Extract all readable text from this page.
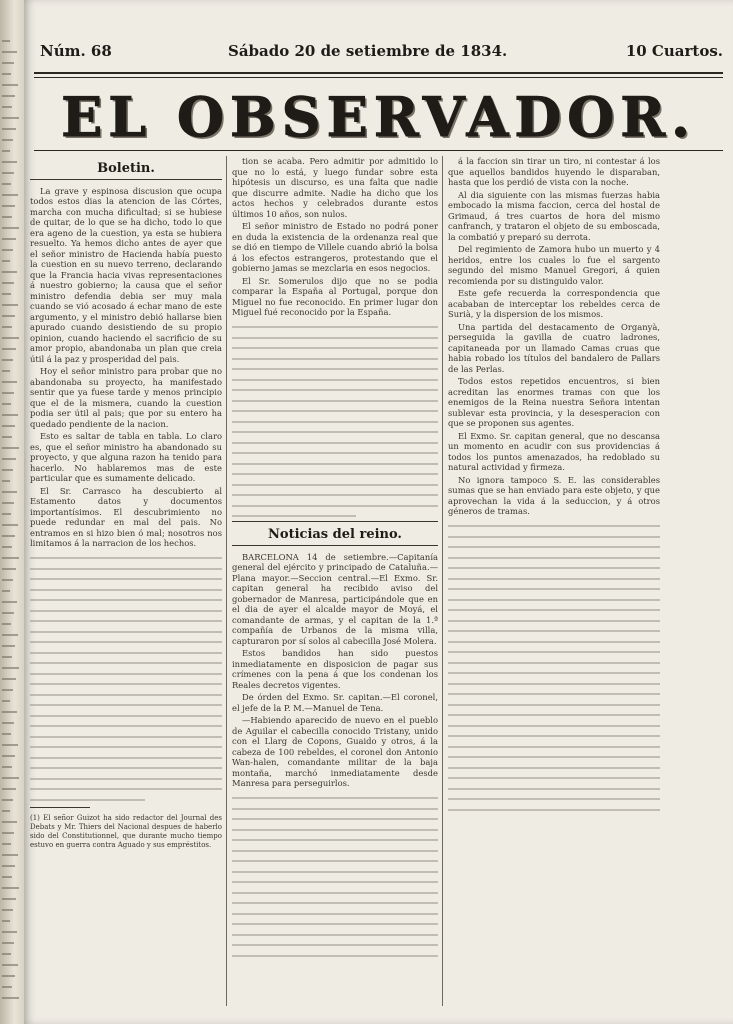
Núm. 68	Sábado 20 de setiembre de 1834.	10 Cuartos.
EL OBSERVADOR.
Boletin.

La grave y espinosa discusion que ocupa todos estos dias la atencion de las Córtes, marcha con mucha dificultad; si se hubiese de quitar, de lo que se ha dicho, todo lo que era ageno de la cuestion, ya esta se hubiera resuelto. Ya hemos dicho antes de ayer que el señor ministro de Hacienda había puesto la cuestion en su nuevo terreno, declarando que la Francia hacia vivas representaciones á nuestro gobierno; la causa que el señor ministro defendia debia ser muy mala cuando se vió acosado á echar mano de este argumento, y el ministro debió hallarse bien apurado cuando desistiendo de su propio opinion, cuando haciendo el sacrificio de su amor propio, abandonaba un plan que creia útil á la paz y prosperidad del pais.

Hoy el señor ministro para probar que no abandonaba su proyecto, ha manifestado sentir que ya fuese tarde y menos principio que el de la mismera, cuando la cuestion podia ser útil al pais; que por su entero ha quedado pendiente de la nacion.

Esto es saltar de tabla en tabla. Lo claro es, que el señor ministro ha abandonado su proyecto, y que alguna razon ha tenido para hacerlo. No hablaremos mas de este particular que es sumamente delicado.

El Sr. Carrasco ha descubierto al Estamento datos y documentos importantísimos. El descubrimiento no puede redundar en mal del pais. No entramos en si hizo bien ó mal; nosotros nos limitamos á la narracion de los hechos.

(1) El señor Guizot ha sido redactor del Journal des Debats y Mr. Thiers del Nacional despues de haberlo sido del Constitutionnel, que durante mucho tiempo estuvo en guerra contra Aguado y sus empréstitos.

tion se acaba. Pero admitir por admitido lo que no lo está, y luego fundar sobre esta hipótesis un discurso, es una falta que nadie que discurre admite. Nadie ha dicho que los actos hechos y celebrados durante estos últimos 10 años, son nulos.

El señor ministro de Estado no podrá poner en duda la existencia de la ordenanza real que se dió en tiempo de Villele cuando abrió la bolsa á los efectos estrangeros, protestando que el gobierno jamas se mezclaria en esos negocios.

El Sr. Somerulos dijo que no se podia comparar la España al Portugal, porque don Miguel no fue reconocido. En primer lugar don Miguel fué reconocido por la España.

Noticias del reino.

BARCELONA 14 de setiembre.—Capitanía general del ejército y principado de Cataluña.—Plana mayor.—Seccion central.—El Exmo. Sr. capitan general ha recibido aviso del gobernador de Manresa, participándole que en el dia de ayer el alcalde mayor de Moyá, el comandante de armas, y el capitan de la 1.ª compañía de Urbanos de la misma villa, capturaron por sí solos al cabecilla José Molera.

Estos bandidos han sido puestos inmediatamente en disposicion de pagar sus crímenes con la pena á que los condenan los Reales decretos vigentes.

De órden del Exmo. Sr. capitan.—El coronel, el jefe de la P. M.—Manuel de Tena.

—Habiendo aparecido de nuevo en el pueblo de Aguilar el cabecilla conocido Tristany, unido con el Llarg de Copons, Guaido y otros, á la cabeza de 100 rebeldes, el coronel don Antonio Wan-halen, comandante militar de la baja montaña, marchó inmediatamente desde Manresa para perseguirlos.

á la faccion sin tirar un tiro, ni contestar á los que aquellos bandidos huyendo le disparaban, hasta que los perdió de vista con la noche.

Al dia siguiente con las mismas fuerzas habia embocado la misma faccion, cerca del hostal de Grimaud, á tres cuartos de hora del mismo canfranch, y trataron el objeto de su emboscada, la combatió y preparó su derrota.

Del regimiento de Zamora hubo un muerto y 4 heridos, entre los cuales lo fue el sargento segundo del mismo Manuel Gregori, á quien recomienda por su distinguido valor.

Este gefe recuerda la correspondencia que acababan de interceptar los rebeldes cerca de Surià, y la dispersion de los mismos.

Una partida del destacamento de Organyà, perseguida la gavilla de cuatro ladrones, capitaneada por un llamado Camas cruas que habia robado los títulos del bandalero de Pallars de las Perlas.

Todos estos repetidos encuentros, si bien acreditan las enormes tramas con que los enemigos de la Reina nuestra Señora intentan sublevar esta provincia, y la desesperacion con que se proponen sus agentes.

El Exmo. Sr. capitan general, que no descansa un momento en acudir con sus providencias á todos los puntos amenazados, ha redoblado su natural actividad y firmeza.

No ignora tampoco S. E. las considerables sumas que se han enviado para este objeto, y que aprovechan la vida á la seduccion, y á otros géneros de tramas.
